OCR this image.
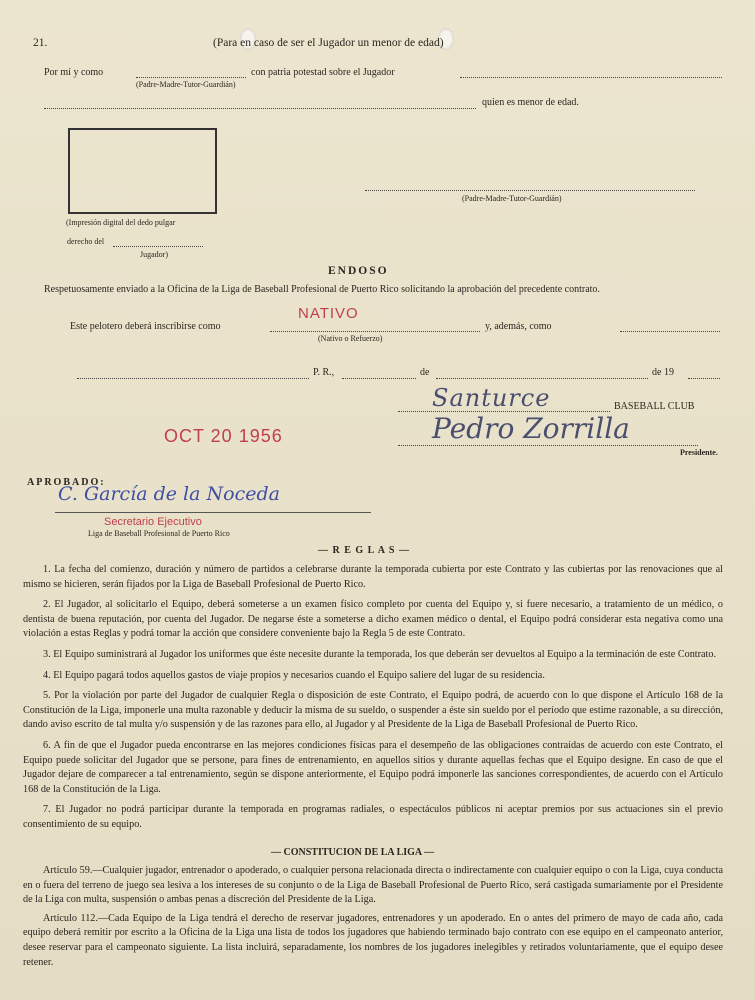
21.	(Para en caso de ser el Jugador un menor de edad)
Por mí y como	con patria potestad sobre el Jugador
(Padre-Madre-Tutor-Guardián)
quien es menor de edad.
(Impresión digital del dedo pulgar
derecho del
Jugador)
(Padre-Madre-Tutor-Guardián)
ENDOSO
Respetuosamente enviado a la Oficina de la Liga de Baseball Profesional de Puerto Rico solicitando la aprobación del precedente contrato.
Este pelotero deberá inscribirse como
NATIVO
y, además, como
(Nativo o Refuerzo)
P. R.,	de	de 19
Santurce	BASEBALL CLUB
OCT 20 1956	Pedro Zorrilla
Presidente.
APROBADO:
C. García de la Noceda
Secretario Ejecutivo
Liga de Baseball Profesional de Puerto Rico
— R E G L A S —

1. La fecha del comienzo, duración y número de partidos a celebrarse durante la temporada cubierta por este Contrato y las cubiertas por las renovaciones que al mismo se hicieren, serán fijados por la Liga de Baseball Profesional de Puerto Rico.

2. El Jugador, al solicitarlo el Equipo, deberá someterse a un examen físico completo por cuenta del Equipo y, si fuere necesario, a tratamiento de un médico, o dentista de buena reputación, por cuenta del Jugador. De negarse éste a someterse a dicho examen médico o dental, el Equipo podrá considerar esta negativa como una violación a estas Reglas y podrá tomar la acción que considere conveniente bajo la Regla 5 de este Contrato.

3. El Equipo suministrará al Jugador los uniformes que éste necesite durante la temporada, los que deberán ser devueltos al Equipo a la terminación de este Contrato.

4. El Equipo pagará todos aquellos gastos de viaje propios y necesarios cuando el Equipo saliere del lugar de su residencia.

5. Por la violación por parte del Jugador de cualquier Regla o disposición de este Contrato, el Equipo podrá, de acuerdo con lo que dispone el Artículo 168 de la Constitución de la Liga, imponerle una multa razonable y deducir la misma de su sueldo, o suspender a éste sin sueldo por el período que estime razonable, a su dirección, dando aviso escrito de tal multa y/o suspensión y de las razones para ello, al Jugador y al Presidente de la Liga de Baseball Profesional de Puerto Rico.

6. A fin de que el Jugador pueda encontrarse en las mejores condiciones físicas para el desempeño de las obligaciones contraídas de acuerdo con este Contrato, el Equipo puede solicitar del Jugador que se persone, para fines de entrenamiento, en aquellos sitios y durante aquellas fechas que el Equipo designe. En caso de que el Jugador dejare de comparecer a tal entrenamiento, según se dispone anteriormente, el Equipo podrá imponerle las sanciones correspondientes, de acuerdo con el Artículo 168 de la Constitución de la Liga.

7. El Jugador no podrá participar durante la temporada en programas radiales, o espectáculos públicos ni aceptar premios por sus actuaciones sin el previo consentimiento de su equipo.

— CONSTITUCION DE LA LIGA —

Artículo 59.—Cualquier jugador, entrenador o apoderado, o cualquier persona relacionada directa o indirectamente con cualquier equipo o con la Liga, cuya conducta en o fuera del terreno de juego sea lesiva a los intereses de su conjunto o de la Liga de Baseball Profesional de Puerto Rico, será castigada sumariamente por el Presidente de la Liga con multa, suspensión o ambas penas a discreción del Presidente de la Liga.

Artículo 112.—Cada Equipo de la Liga tendrá el derecho de reservar jugadores, entrenadores y un apoderado. En o antes del primero de mayo de cada año, cada equipo deberá remitir por escrito a la Oficina de la Liga una lista de todos los jugadores que habiendo terminado bajo contrato con ese equipo en el campeonato anterior, desee reservar para el campeonato siguiente. La lista incluirá, separadamente, los nombres de los jugadores inelegibles y retirados voluntariamente, que el equipo desee retener.
